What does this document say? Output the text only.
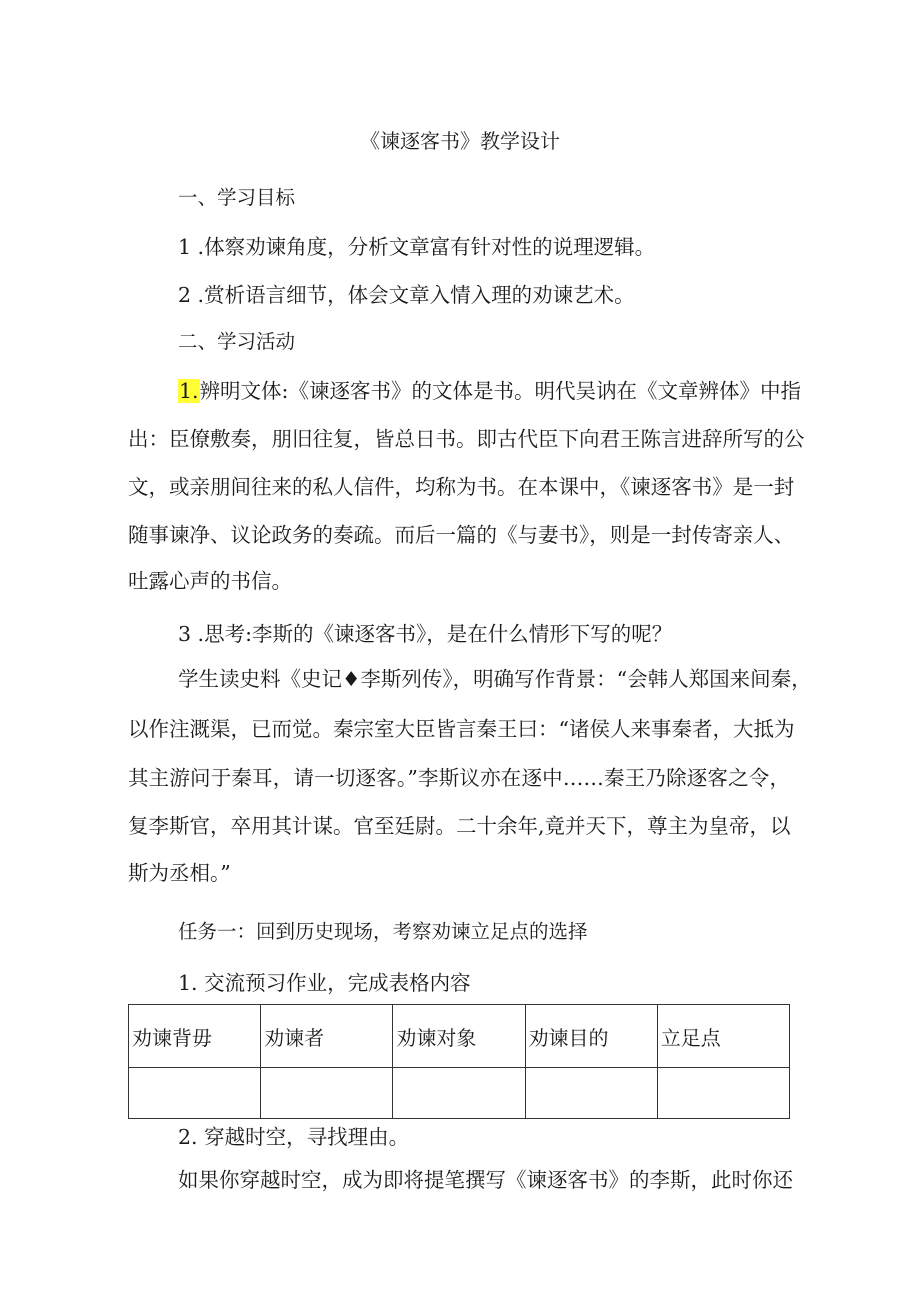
《谏逐客书》教学设计
一、学习目标
1 .体察劝谏角度，分析文章富有针对性的说理逻辑。
2 .赏析语言细节，体会文章入情入理的劝谏艺术。
二、学习活动
1.辨明文体:《谏逐客书》的文体是书。明代吴讷在《文章辨体》中指
出：臣僚敷奏，朋旧往复，皆总日书。即古代臣下向君王陈言进辞所写的公
文，或亲朋间往来的私人信件，均称为书。在本课中，《谏逐客书》是一封
随事谏净、议论政务的奏疏。而后一篇的《与妻书》，则是一封传寄亲人、
吐露心声的书信。
3 .思考:李斯的《谏逐客书》，是在什么情形下写的呢？
学生读史料《史记♦李斯列传》，明确写作背景：“会韩人郑国来间秦，
以作注溉渠，已而觉。秦宗室大臣皆言秦王曰：“诸侯人来事秦者，大抵为
其主游问于秦耳，请一切逐客。”李斯议亦在逐中……秦王乃除逐客之令，
复李斯官，卒用其计谋。官至廷尉。二十余年,竟并天下，尊主为皇帝，以
斯为丞相。”
任务一：回到历史现场，考察劝谏立足点的选择
1. 交流预习作业，完成表格内容
劝谏背毋	劝谏者	劝谏对象	劝谏目的	立足点

2. 穿越时空，寻找理由。
如果你穿越时空，成为即将提笔撰写《谏逐客书》的李斯，此时你还
